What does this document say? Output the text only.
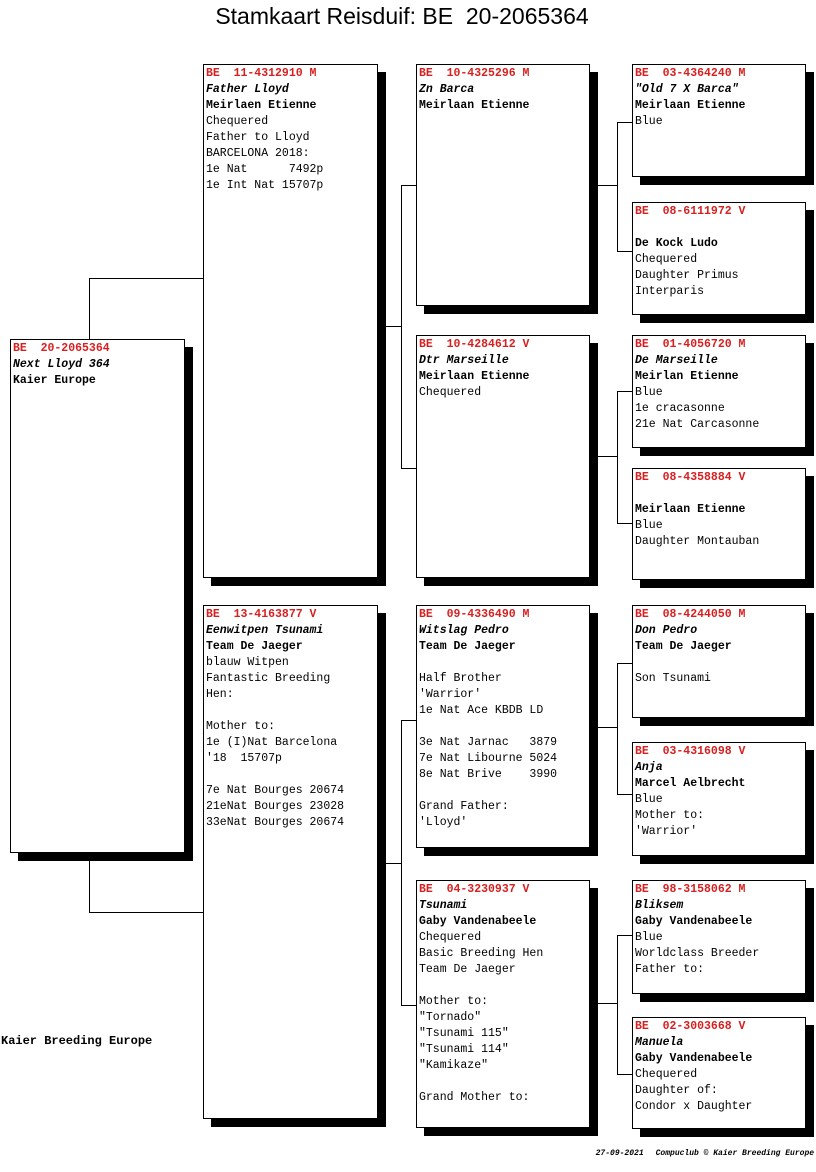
Stamkaart Reisduif: BE  20-2065364
BE  20-2065364
Next Lloyd 364
Kaier Europe
BE  11-4312910 M
Father Lloyd
Meirlaen Etienne
Chequered
Father to Lloyd
BARCELONA 2018:
1e Nat      7492p
1e Int Nat 15707p
BE  13-4163877 V
Eenwitpen Tsunami
Team De Jaeger
blauw Witpen
Fantastic Breeding
Hen:
Mother to:
1e (I)Nat Barcelona
'18  15707p
7e Nat Bourges 20674
21eNat Bourges 23028
33eNat Bourges 20674
BE  10-4325296 M
Zn Barca
Meirlaan Etienne
BE  10-4284612 V
Dtr Marseille
Meirlaan Etienne
Chequered
BE  09-4336490 M
Witslag Pedro
Team De Jaeger
Half Brother
'Warrior'
1e Nat Ace KBDB LD
3e Nat Jarnac   3879
7e Nat Libourne 5024
8e Nat Brive    3990
Grand Father:
'Lloyd'
BE  04-3230937 V
Tsunami
Gaby Vandenabeele
Chequered
Basic Breeding Hen
Team De Jaeger
Mother to:
"Tornado"
"Tsunami 115"
"Tsunami 114"
"Kamikaze"
Grand Mother to:
BE  03-4364240 M
"Old 7 X Barca"
Meirlaan Etienne
Blue
BE  08-6111972 V
De Kock Ludo
Chequered
Daughter Primus
Interparis
BE  01-4056720 M
De Marseille
Meirlan Etienne
Blue
1e cracasonne
21e Nat Carcasonne
BE  08-4358884 V
Meirlaan Etienne
Blue
Daughter Montauban
BE  08-4244050 M
Don Pedro
Team De Jaeger
Son Tsunami
BE  03-4316098 V
Anja
Marcel Aelbrecht
Blue
Mother to:
'Warrior'
BE  98-3158062 M
Bliksem
Gaby Vandenabeele
Blue
Worldclass Breeder
Father to:
BE  02-3003668 V
Manuela
Gaby Vandenabeele
Chequered
Daughter of:
Condor x Daughter
Kaier Breeding Europe

27-09-2021 Compuclub © Kaier Breeding Europe
